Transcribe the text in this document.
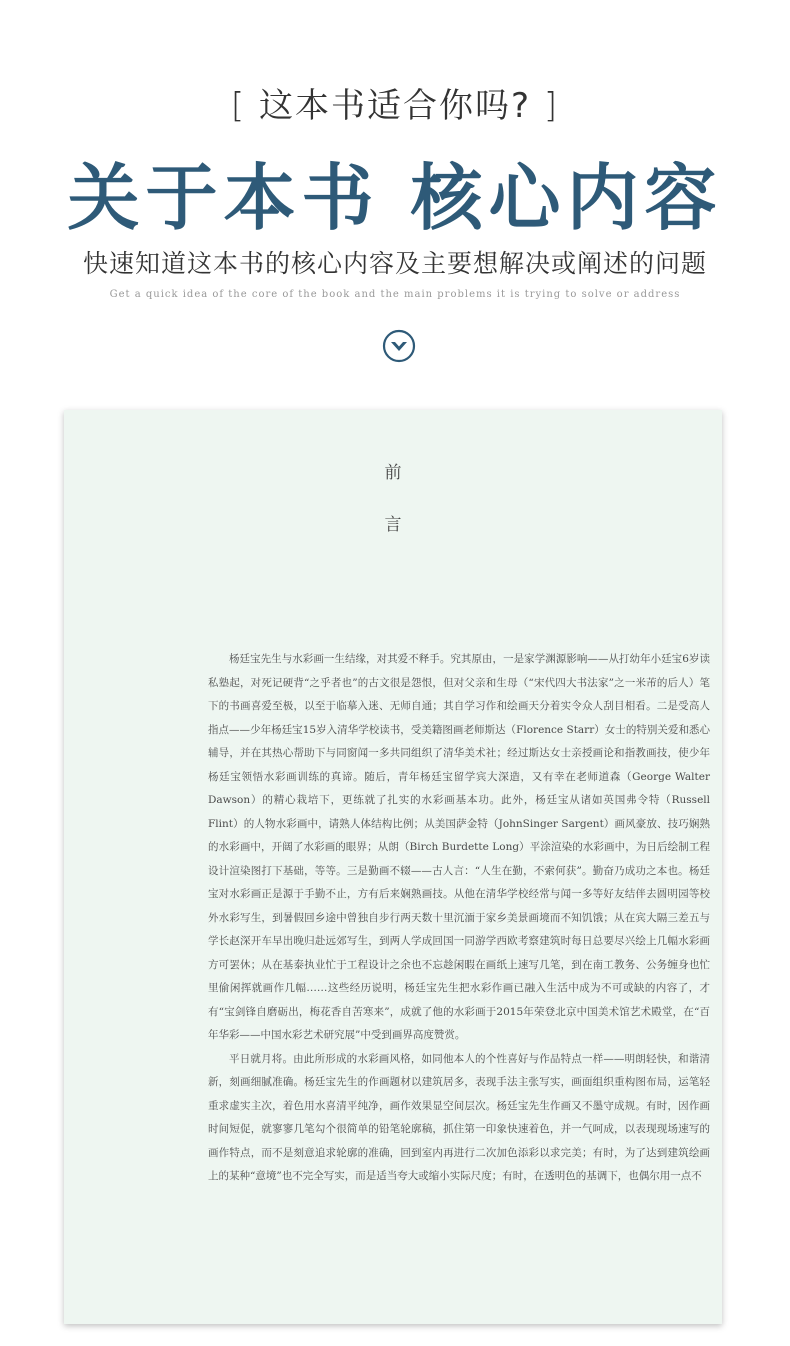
[ 这本书适合你吗? ]
关于本书 核心内容
快速知道这本书的核心内容及主要想解决或阐述的问题
Get a quick idea of the core of the book and the main problems it is trying to solve or address
前
言

杨廷宝先生与水彩画一生结缘，对其爱不释手。究其原由，一是家学渊源影响——从打幼年小廷宝6岁读私塾起，对死记硬背“之乎者也”的古文很是怨恨，但对父亲和生母（“宋代四大书法家”之一米芾的后人）笔下的书画喜爱至极，以至于临摹入迷、无师自通；其自学习作和绘画天分着实令众人刮目相看。二是受高人指点——少年杨廷宝15岁入清华学校读书，受美籍图画老师斯达（Florence Starr）女士的特别关爱和悉心辅导，并在其热心帮助下与同窗闻一多共同组织了清华美术社；经过斯达女士亲授画论和指教画技，使少年杨廷宝领悟水彩画训练的真谛。随后，青年杨廷宝留学宾大深造，又有幸在老师道森（George Walter Dawson）的精心栽培下，更练就了扎实的水彩画基本功。此外，杨廷宝从诸如英国弗令特（Russell Flint）的人物水彩画中，请熟人体结构比例；从美国萨金特（JohnSinger Sargent）画风豪放、技巧娴熟的水彩画中，开阔了水彩画的眼界；从朗（Birch Burdette Long）平涂渲染的水彩画中，为日后绘制工程设计渲染图打下基础，等等。三是勤画不辍——古人言：“人生在勤，不索何获”。勤奋乃成功之本也。杨廷宝对水彩画正是源于手勤不止，方有后来娴熟画技。从他在清华学校经常与闻一多等好友结伴去圆明园等校外水彩写生，到暑假回乡途中曾独自步行两天数十里沉湎于家乡美景画境而不知饥饿；从在宾大隔三差五与学长赵深开车早出晚归赴远郊写生，到两人学成回国一同游学西欧考察建筑时每日总要尽兴绘上几幅水彩画方可罢休；从在基泰执业忙于工程设计之余也不忘趁闲暇在画纸上速写几笔，到在南工教务、公务缠身也忙里偷闲挥就画作几幅……这些经历说明，杨廷宝先生把水彩作画已融入生活中成为不可或缺的内容了，才有“宝剑锋自磨砺出，梅花香自苦寒来”，成就了他的水彩画于2015年荣登北京中国美术馆艺术殿堂，在“百年华彩——中国水彩艺术研究展”中受到画界高度赞赏。

平日就月将。由此所形成的水彩画风格，如同他本人的个性喜好与作品特点一样——明朗轻快，和谐清新，刻画细腻准确。杨廷宝先生的作画题材以建筑居多，表现手法主张写实，画面组织重构图布局，运笔轻重求虚实主次，着色用水喜清平纯净，画作效果显空间层次。杨廷宝先生作画又不墨守成规。有时，因作画时间短促，就寥寥几笔勾个很简单的铅笔轮廓稿，抓住第一印象快速着色，并一气呵成，以表现现场速写的画作特点，而不是刻意追求轮廓的准确，回到室内再进行二次加色添彩以求完美；有时，为了达到建筑绘画上的某种“意境”也不完全写实，而是适当夸大或缩小实际尺度；有时，在透明色的基调下，也偶尔用一点不
